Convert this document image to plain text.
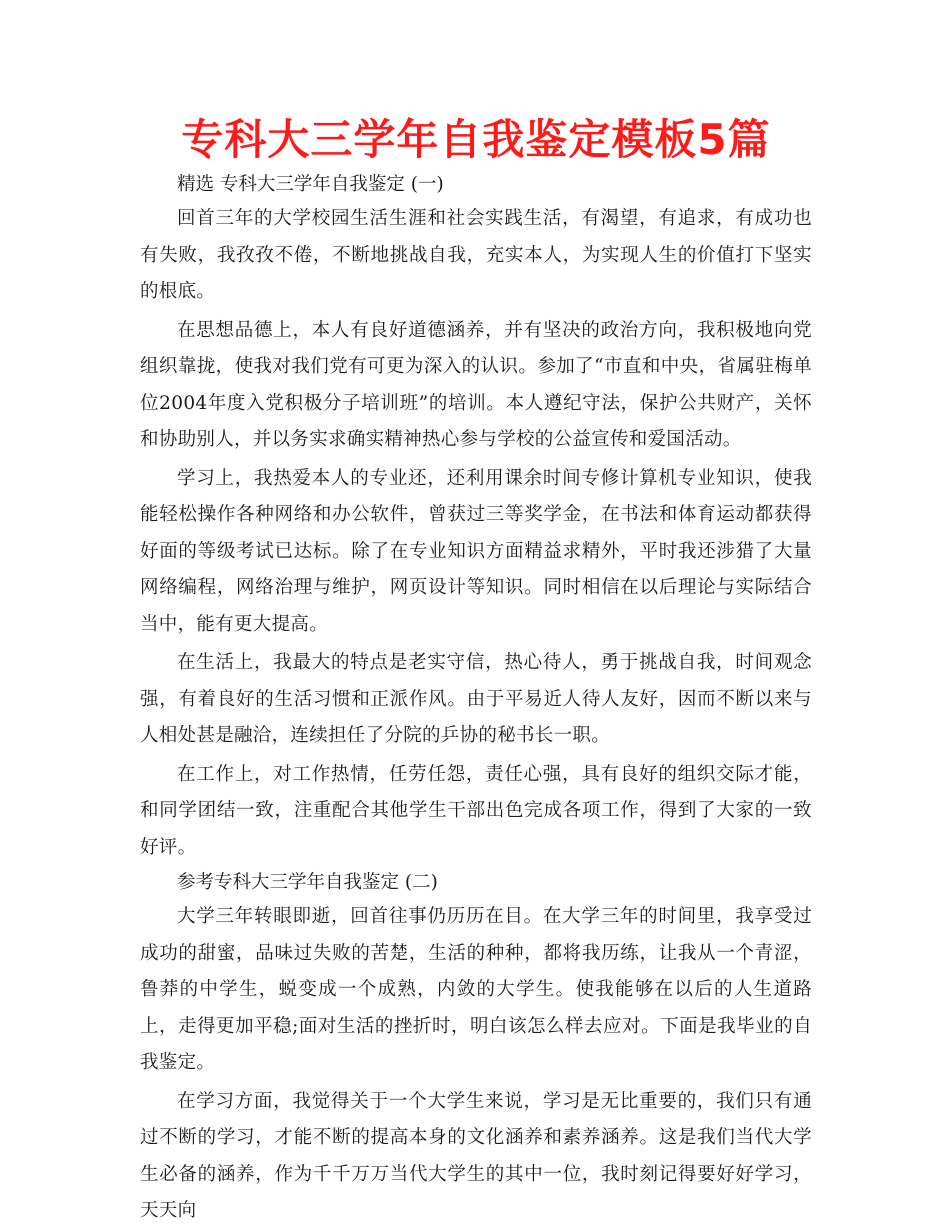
专科大三学年自我鉴定模板5篇

精选 专科大三学年自我鉴定 (一)

回首三年的大学校园生活生涯和社会实践生活，有渴望，有追求，有成功也有失败，我孜孜不倦，不断地挑战自我，充实本人，为实现人生的价值打下坚实的根底。

在思想品德上，本人有良好道德涵养，并有坚决的政治方向，我积极地向党组织靠拢，使我对我们党有可更为深入的认识。参加了“市直和中央，省属驻梅单位2004年度入党积极分子培训班”的培训。本人遵纪守法，保护公共财产，关怀和协助别人，并以务实求确实精神热心参与学校的公益宣传和爱国活动。

学习上，我热爱本人的专业还，还利用课余时间专修计算机专业知识，使我能轻松操作各种网络和办公软件，曾获过三等奖学金，在书法和体育运动都获得好面的等级考试已达标。除了在专业知识方面精益求精外，平时我还涉猎了大量网络编程，网络治理与维护，网页设计等知识。同时相信在以后理论与实际结合当中，能有更大提高。

在生活上，我最大的特点是老实守信，热心待人，勇于挑战自我，时间观念强，有着良好的生活习惯和正派作风。由于平易近人待人友好，因而不断以来与人相处甚是融洽，连续担任了分院的乒协的秘书长一职。

在工作上，对工作热情，任劳任怨，责任心强，具有良好的组织交际才能，和同学团结一致，注重配合其他学生干部出色完成各项工作，得到了大家的一致好评。

参考专科大三学年自我鉴定 (二)

大学三年转眼即逝，回首往事仍历历在目。在大学三年的时间里，我享受过成功的甜蜜，品味过失败的苦楚，生活的种种，都将我历练，让我从一个青涩，鲁莽的中学生，蜕变成一个成熟，内敛的大学生。使我能够在以后的人生道路上，走得更加平稳;面对生活的挫折时，明白该怎么样去应对。下面是我毕业的自我鉴定。

在学习方面，我觉得关于一个大学生来说，学习是无比重要的，我们只有通过不断的学习，才能不断的提高本身的文化涵养和素养涵养。这是我们当代大学生必备的涵养，作为千千万万当代大学生的其中一位，我时刻记得要好好学习，天天向
